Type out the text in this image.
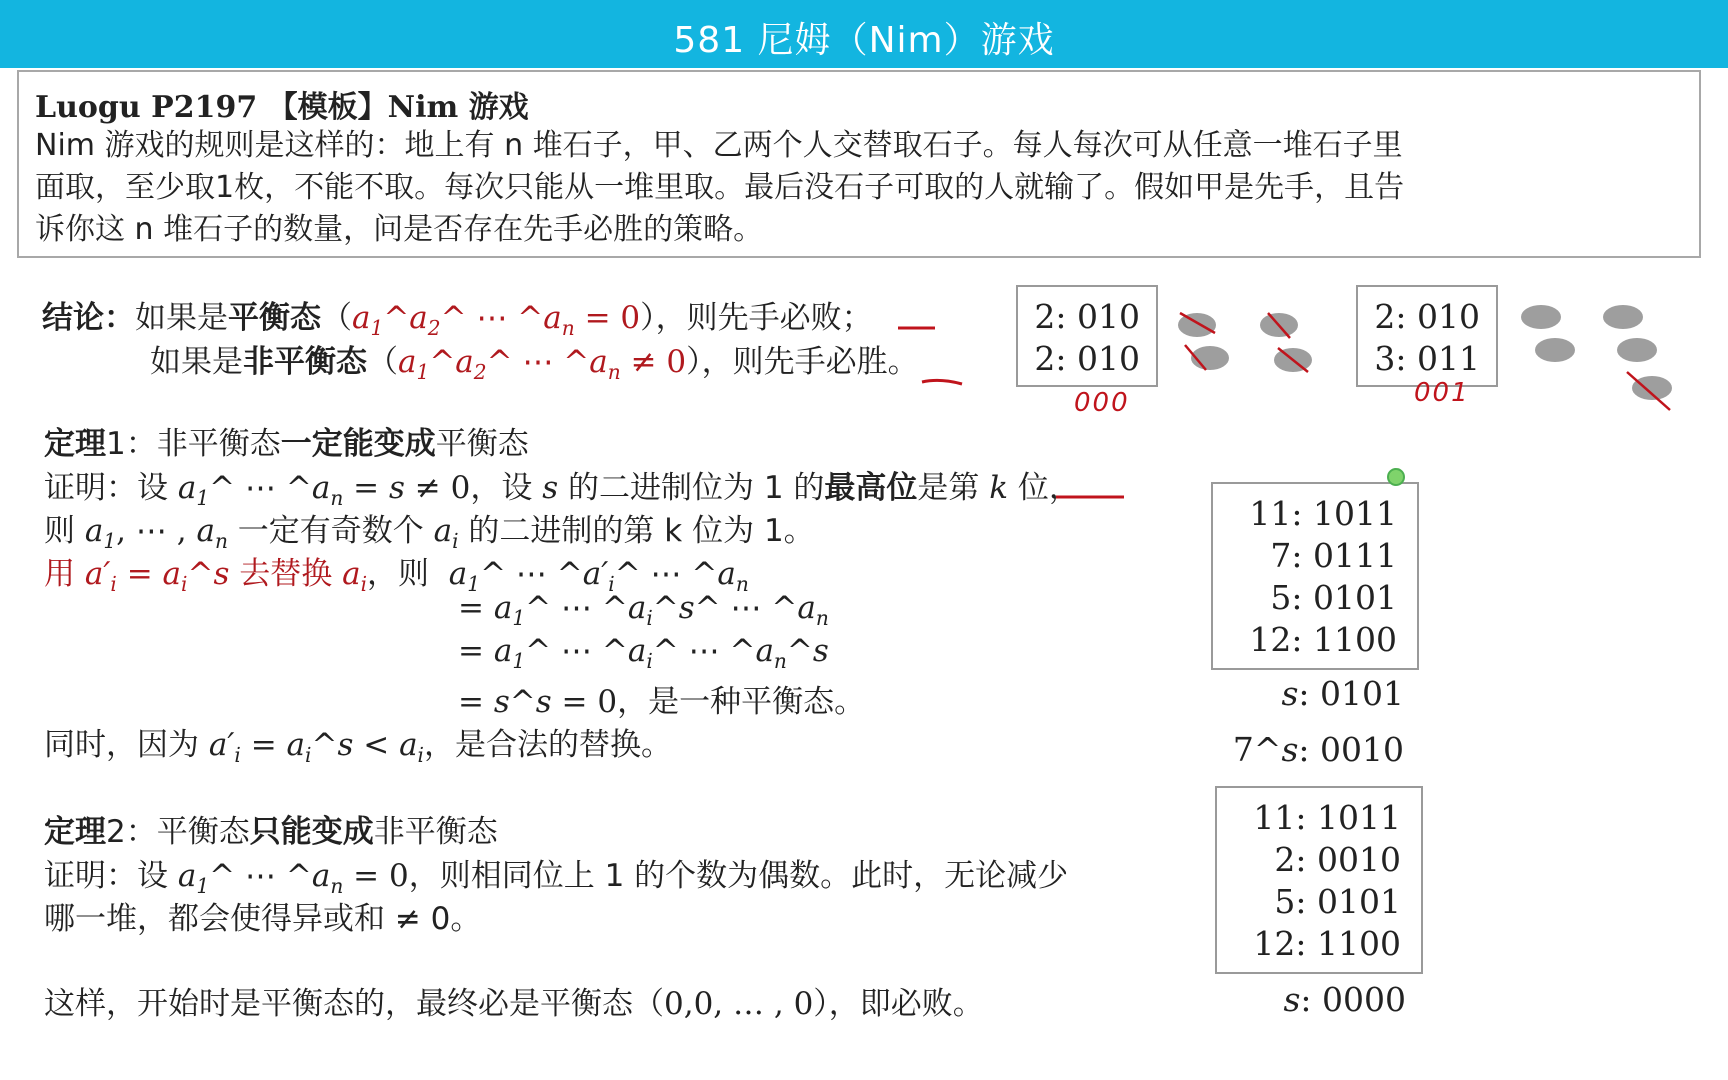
581 尼姆（Nim）游戏
Luogu P2197 【模板】Nim 游戏
Nim 游戏的规则是这样的：地上有 n 堆石子，甲、乙两个人交替取石子。每人每次可从任意一堆石子里
面取，至少取1枚，不能不取。每次只能从一堆里取。最后没石子可取的人就输了。假如甲是先手，且告
诉你这 n 堆石子的数量，问是否存在先手必胜的策略。
结论：如果是平衡态（$a_1\^{}a_2\^{}$ ⋯ $\^{}a_n = 0$），则先手必败；
如果是非平衡态（$a_1\^{}a_2\^{}$ ⋯ $\^{}a_n \ne 0$），则先手必胜。
定理1：非平衡态一定能变成平衡态
证明：设 $a_1\^{}$ ⋯ $\^{}a_n = s \ne 0$，设 s 的二进制位为 1 的最高位是第 k 位，
则 $a_1$, ⋯ , $a_n$ 一定有奇数个 $a_i$ 的二进制的第 k 位为 1。
用 $a'_i$ = $a_i\^{}s$ 去替换 $a_i$，则 $a_1\^{}$ ⋯ $\^{}a'_i\^{}$ ⋯ $\^{}a_n$
= $a_1\^{}$ ⋯ $\^{}a_i\^{}s\^{}$ ⋯ $\^{}a_n$
= $a_1\^{}$ ⋯ $\^{}a_i\^{}$ ⋯ $\^{}a_n\^{}s$
= s^s = 0，是一种平衡态。
同时，因为 $a'_i$ = $a_i\^{}s < a_i$，是合法的替换。
定理2：平衡态只能变成非平衡态
证明：设 $a_1\^{}$ ⋯ $\^{}a_n = 0$，则相同位上 1 的个数为偶数。此时，无论减少
哪一堆，都会使得异或和 ≠ 0。
这样，开始时是平衡态的，最终必是平衡态（0,0, … , 0），即必败。
2: 010
2: 010
2: 010
3: 011
11: 1011
7: 0111
5: 0101
12: 1100
s: 0101
7^s: 0010
11: 1011
2: 0010
5: 0101
12: 1100
s: 0000
000	001
